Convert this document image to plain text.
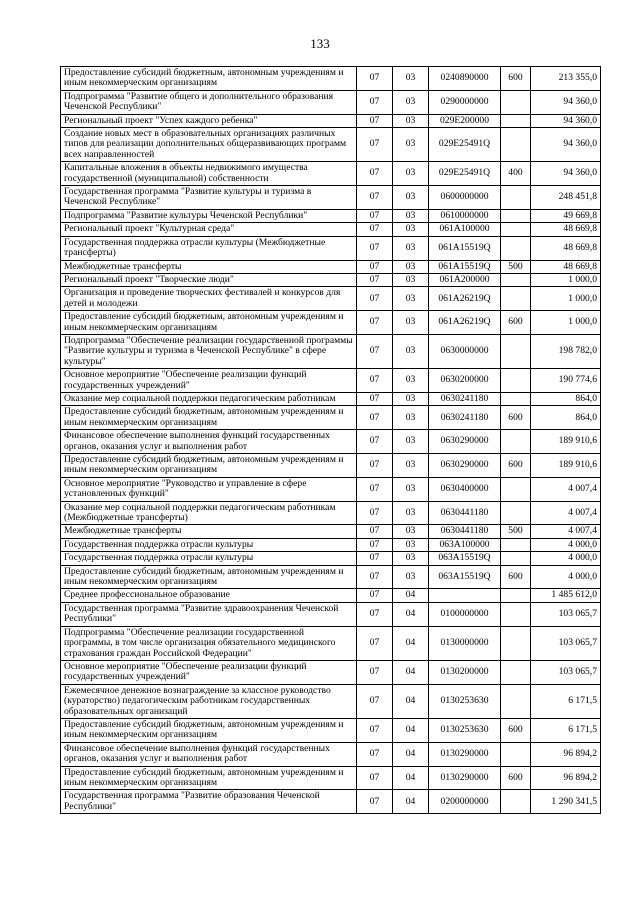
133
Предоставление субсидий бюджетным, автономным учреждениям и иным некоммерческим организациям	07	03	0240890000	600	213 355,0
Подпрограмма "Развитие общего и дополнительного образования Чеченской Республики"	07	03	0290000000		94 360,0
Региональный проект "Успех каждого ребенка"	07	03	029E200000		94 360,0
Создание новых мест в образовательных организациях различных типов для реализации дополнительных общеразвивающих программ всех направленностей	07	03	029E25491Q		94 360,0
Капитальные вложения в объекты недвижимого имущества государственной (муниципальной) собственности	07	03	029E25491Q	400	94 360,0
Государственная программа "Развитие культуры и туризма в Чеченской Республике"	07	03	0600000000		248 451,8
Подпрограмма "Развитие культуры Чеченской Республики"	07	03	0610000000		49 669,8
Региональный проект "Культурная среда"	07	03	061A100000		48 669,8
Государственная поддержка отрасли культуры (Межбюджетные трансферты)	07	03	061A15519Q		48 669,8
Межбюджетные трансферты	07	03	061A15519Q	500	48 669,8
Региональный проект "Творческие люди"	07	03	061A200000		1 000,0
Организация и проведение творческих фестивалей и конкурсов для детей и молодежи	07	03	061A26219Q		1 000,0
Предоставление субсидий бюджетным, автономным учреждениям и иным некоммерческим организациям	07	03	061A26219Q	600	1 000,0
Подпрограмма "Обеспечение реализации государственной программы "Развитие культуры и туризма в Чеченской Республике" в сфере культуры"	07	03	0630000000		198 782,0
Основное мероприятие "Обеспечение реализации функций государственных учреждений"	07	03	0630200000		190 774,6
Оказание мер социальной поддержки педагогическим работникам	07	03	0630241180		864,0
Предоставление субсидий бюджетным, автономным учреждениям и иным некоммерческим организациям	07	03	0630241180	600	864,0
Финансовое обеспечение выполнения функций государственных органов, оказания услуг и выполнения работ	07	03	0630290000		189 910,6
Предоставление субсидий бюджетным, автономным учреждениям и иным некоммерческим организациям	07	03	0630290000	600	189 910,6
Основное мероприятие "Руководство и управление в сфере установленных функций"	07	03	0630400000		4 007,4
Оказание мер социальной поддержки педагогическим работникам (Межбюджетные трансферты)	07	03	0630441180		4 007,4
Межбюджетные трансферты	07	03	0630441180	500	4 007,4
Государственная поддержка отрасли культуры	07	03	063A100000		4 000,0
Государственная поддержка отрасли культуры	07	03	063A15519Q		4 000,0
Предоставление субсидий бюджетным, автономным учреждениям и иным некоммерческим организациям	07	03	063A15519Q	600	4 000,0
Среднее профессиональное образование	07	04			1 485 612,0
Государственная программа "Развитие здравоохранения Чеченской Республики"	07	04	0100000000		103 065,7
Подпрограмма "Обеспечение реализации государственной программы, в том числе организация обязательного медицинского страхования граждан Российской Федерации"	07	04	0130000000		103 065,7
Основное мероприятие "Обеспечение реализации функций государственных учреждений"	07	04	0130200000		103 065,7
Ежемесячное денежное вознаграждение за классное руководство (кураторство) педагогическим работникам государственных образовательных организаций	07	04	0130253630		6 171,5
Предоставление субсидий бюджетным, автономным учреждениям и иным некоммерческим организациям	07	04	0130253630	600	6 171,5
Финансовое обеспечение выполнения функций государственных органов, оказания услуг и выполнения работ	07	04	0130290000		96 894,2
Предоставление субсидий бюджетным, автономным учреждениям и иным некоммерческим организациям	07	04	0130290000	600	96 894,2
Государственная программа "Развитие образования Чеченской Республики"	07	04	0200000000		1 290 341,5
